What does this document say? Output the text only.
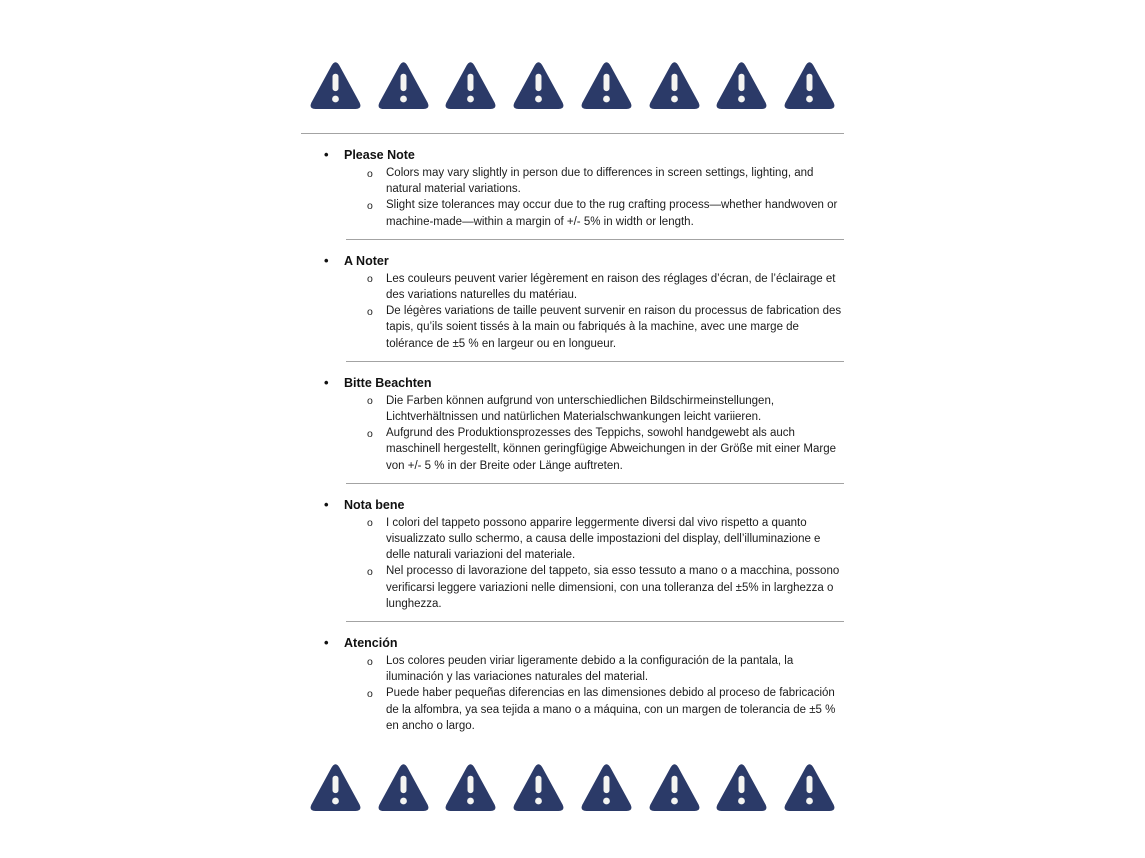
• Please Note

o Colors may vary slightly in person due to differences in screen settings, lighting, and natural material variations.

o Slight size tolerances may occur due to the rug crafting process—whether handwoven or machine-made—within a margin of +/- 5% in width or length.

• A Noter

o Les couleurs peuvent varier légèrement en raison des réglages d’écran, de l’éclairage et des variations naturelles du matériau.

o De légères variations de taille peuvent survenir en raison du processus de fabrication des tapis, qu’ils soient tissés à la main ou fabriqués à la machine, avec une marge de tolérance de ±5 % en largeur ou en longueur.

• Bitte Beachten

o Die Farben können aufgrund von unterschiedlichen Bildschirmeinstellungen, Lichtverhältnissen und natürlichen Materialschwankungen leicht variieren.

o Aufgrund des Produktionsprozesses des Teppichs, sowohl handgewebt als auch maschinell hergestellt, können geringfügige Abweichungen in der Größe mit einer Marge von +/- 5 % in der Breite oder Länge auftreten.

• Nota bene

o I colori del tappeto possono apparire leggermente diversi dal vivo rispetto a quanto visualizzato sullo schermo, a causa delle impostazioni del display, dell’illuminazione e delle naturali variazioni del materiale.

o Nel processo di lavorazione del tappeto, sia esso tessuto a mano o a macchina, possono verificarsi leggere variazioni nelle dimensioni, con una tolleranza del ±5% in larghezza o lunghezza.

• Atención

o Los colores peuden viriar ligeramente debido a la configuración de la pantala, la iluminación y las variaciones naturales del material.

o Puede haber pequeñas diferencias en las dimensiones debido al proceso de fabricación de la alfombra, ya sea tejida a mano o a máquina, con un margen de tolerancia de ±5 % en ancho o largo.
